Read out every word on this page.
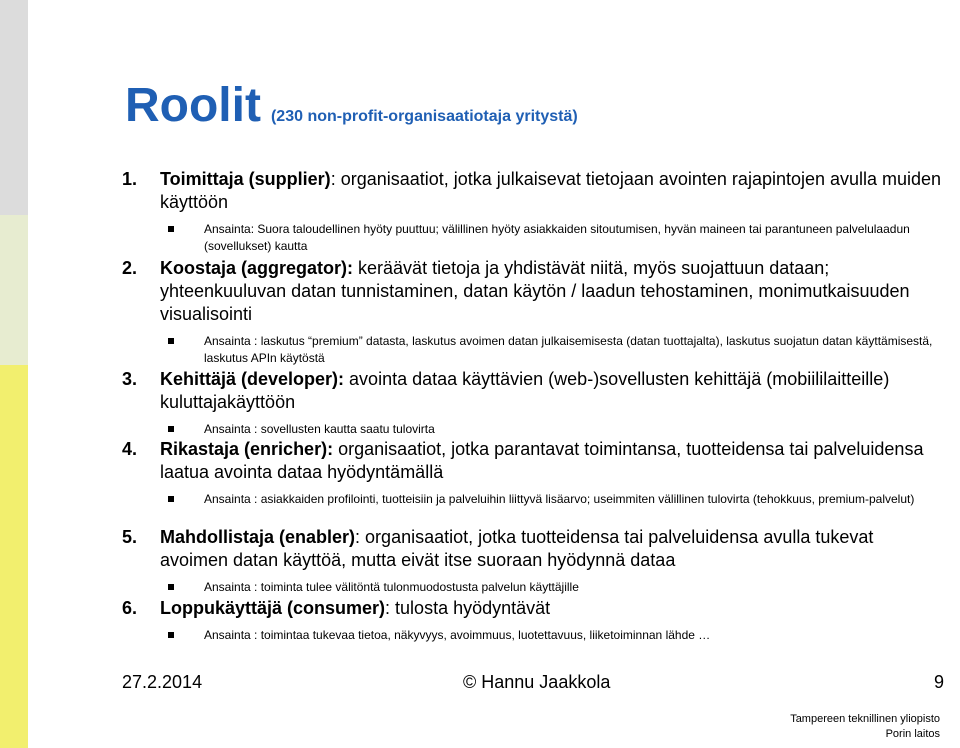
Roolit (230 non-profit-organisaatiotaja yritystä)
1. Toimittaja (supplier): organisaatiot, jotka julkaisevat tietojaan avointen rajapintojen avulla muiden käyttöön
Ansainta: Suora taloudellinen hyöty puuttuu; välillinen hyöty asiakkaiden sitoutumisen, hyvän maineen tai parantuneen palvelulaadun (sovellukset) kautta
2. Koostaja (aggregator): keräävät tietoja ja yhdistävät niitä, myös suojattuun dataan; yhteenkuuluvan datan tunnistaminen, datan käytön / laadun tehostaminen, monimutkaisuuden visualisointi
Ansainta : laskutus “premium” datasta, laskutus avoimen datan julkaisemisesta (datan tuottajalta), laskutus suojatun datan käyttämisestä, laskutus APIn käytöstä
3. Kehittäjä (developer): avointa dataa käyttävien (web-)sovellusten kehittäjä (mobiililaitteille) kuluttajakäyttöön
Ansainta : sovellusten kautta saatu tulovirta
4. Rikastaja (enricher): organisaatiot, jotka parantavat toimintansa, tuotteidensa tai palveluidensa laatua avointa dataa hyödyntämällä
Ansainta : asiakkaiden profilointi, tuotteisiin ja palveluihin liittyvä lisäarvo; useimmiten välillinen tulovirta (tehokkuus, premium-palvelut)
5. Mahdollistaja (enabler): organisaatiot, jotka tuotteidensa tai palveluidensa avulla tukevat avoimen datan käyttöä, mutta eivät itse suoraan hyödynnä dataa
Ansainta : toiminta tulee välitöntä tulonmuodostusta palvelun käyttäjille
6. Loppukäyttäjä (consumer): tulosta hyödyntävät
Ansainta : toimintaa tukevaa tietoa, näkyvyys, avoimmuus, luotettavuus, liiketoiminnan lähde …
27.2.2014	© Hannu Jaakkola	9
Tampereen teknillinen yliopisto
Porin laitos
